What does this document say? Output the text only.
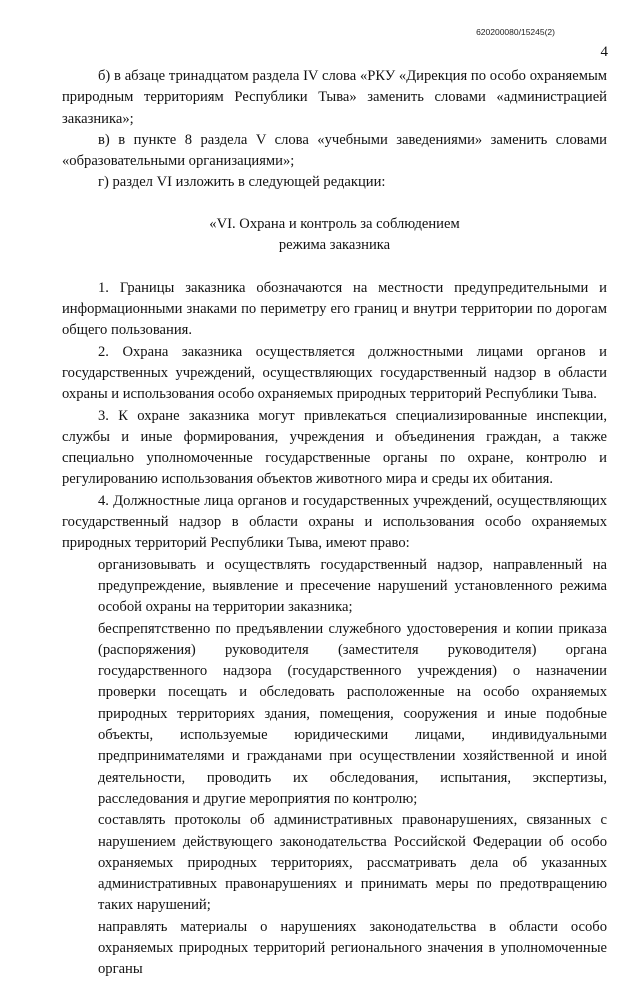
620200080/15245(2)
4

б) в абзаце тринадцатом раздела IV слова «РКУ «Дирекция по особо охраняемым природным территориям Республики Тыва» заменить словами «администрацией заказника»;

в) в пункте 8 раздела V слова «учебными заведениями» заменить словами «образовательными организациями»;

г) раздел VI изложить в следующей редакции:

«VI. Охрана и контроль за соблюдением
режима заказника

1. Границы заказника обозначаются на местности предупредительными и информационными знаками по периметру его границ и внутри территории по дорогам общего пользования.

2. Охрана заказника осуществляется должностными лицами органов и государственных учреждений, осуществляющих государственный надзор в области охраны и использования особо охраняемых природных территорий Республики Тыва.

3. К охране заказника могут привлекаться специализированные инспекции, службы и иные формирования, учреждения и объединения граждан, а также специально уполномоченные государственные органы по охране, контролю и регулированию использования объектов животного мира и среды их обитания.

4. Должностные лица органов и государственных учреждений, осуществляющих государственный надзор в области охраны и использования особо охраняемых природных территорий Республики Тыва, имеют право:

организовывать и осуществлять государственный надзор, направленный на предупреждение, выявление и пресечение нарушений установленного режима особой охраны на территории заказника;

беспрепятственно по предъявлении служебного удостоверения и копии приказа (распоряжения) руководителя (заместителя руководителя) органа государственного надзора (государственного учреждения) о назначении проверки посещать и обследовать расположенные на особо охраняемых природных территориях здания, помещения, сооружения и иные подобные объекты, используемые юридическими лицами, индивидуальными предпринимателями и гражданами при осуществлении хозяйственной и иной деятельности, проводить их обследования, испытания, экспертизы, расследования и другие мероприятия по контролю;

составлять протоколы об административных правонарушениях, связанных с нарушением действующего законодательства Российской Федерации об особо охраняемых природных территориях, рассматривать дела об указанных административных правонарушениях и принимать меры по предотвращению таких нарушений;

направлять материалы о нарушениях законодательства в области особо охраняемых природных территорий регионального значения в уполномоченные органы
